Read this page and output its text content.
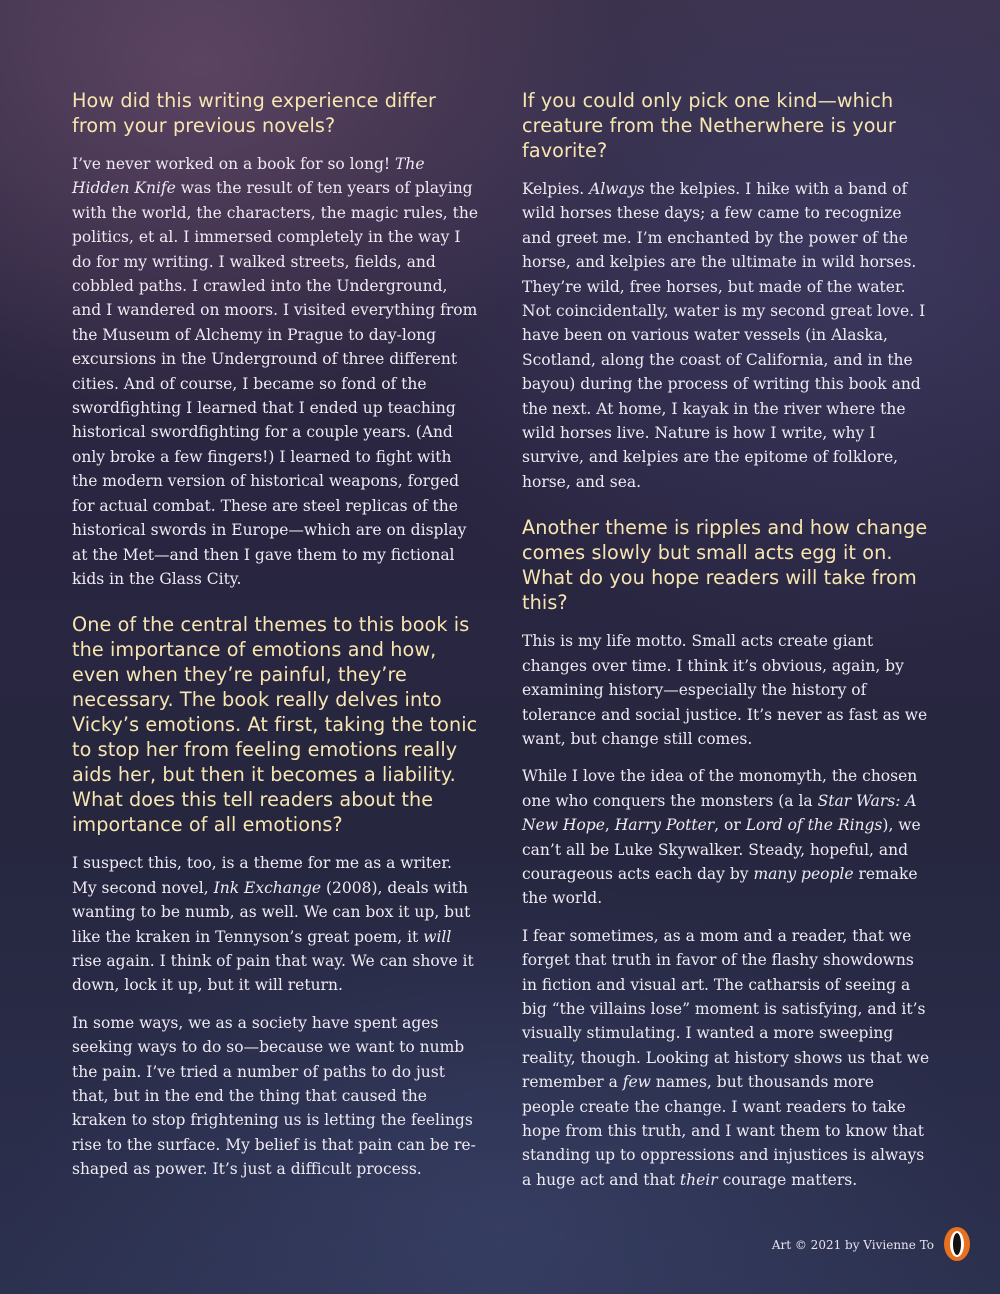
How did this writing experience differ from your previous novels?

I’ve never worked on a book for so long! The Hidden Knife was the result of ten years of playing with the world, the characters, the magic rules, the politics, et al. I immersed completely in the way I do for my writing. I walked streets, fields, and cobbled paths. I crawled into the Underground, and I wandered on moors. I visited everything from the Museum of Alchemy in Prague to day-long excursions in the Underground of three different cities. And of course, I became so fond of the swordfighting I learned that I ended up teaching historical swordfighting for a couple years. (And only broke a few fingers!) I learned to fight with the modern version of historical weapons, forged for actual combat. These are steel replicas of the historical swords in Europe—which are on display at the Met—and then I gave them to my fictional kids in the Glass City.

One of the central themes to this book is the importance of emotions and how, even when they’re painful, they’re necessary. The book really delves into Vicky’s emotions. At first, taking the tonic to stop her from feeling emotions really aids her, but then it becomes a liability. What does this tell readers about the importance of all emotions?

I suspect this, too, is a theme for me as a writer. My second novel, Ink Exchange (2008), deals with wanting to be numb, as well. We can box it up, but like the kraken in Tennyson’s great poem, it will rise again. I think of pain that way. We can shove it down, lock it up, but it will return.

In some ways, we as a society have spent ages seeking ways to do so—because we want to numb the pain. I’ve tried a number of paths to do just that, but in the end the thing that caused the kraken to stop frightening us is letting the feelings rise to the surface. My belief is that pain can be re-shaped as power. It’s just a difficult process.

If you could only pick one kind—which creature from the Netherwhere is your favorite?

Kelpies. Always the kelpies. I hike with a band of wild horses these days; a few came to recognize and greet me. I’m enchanted by the power of the horse, and kelpies are the ultimate in wild horses. They’re wild, free horses, but made of the water. Not coincidentally, water is my second great love. I have been on various water vessels (in Alaska, Scotland, along the coast of California, and in the bayou) during the process of writing this book and the next. At home, I kayak in the river where the wild horses live. Nature is how I write, why I survive, and kelpies are the epitome of folklore, horse, and sea.

Another theme is ripples and how change comes slowly but small acts egg it on. What do you hope readers will take from this?

This is my life motto. Small acts create giant changes over time. I think it’s obvious, again, by examining history—especially the history of tolerance and social justice. It’s never as fast as we want, but change still comes.

While I love the idea of the monomyth, the chosen one who conquers the monsters (a la Star Wars: A New Hope, Harry Potter, or Lord of the Rings), we can’t all be Luke Skywalker. Steady, hopeful, and courageous acts each day by many people remake the world.

I fear sometimes, as a mom and a reader, that we forget that truth in favor of the flashy showdowns in fiction and visual art. The catharsis of seeing a big “the villains lose” moment is satisfying, and it’s visually stimulating. I wanted a more sweeping reality, though. Looking at history shows us that we remember a few names, but thousands more people create the change. I want readers to take hope from this truth, and I want them to know that standing up to oppressions and injustices is always a huge act and that their courage matters.

Art © 2021 by Vivienne To
